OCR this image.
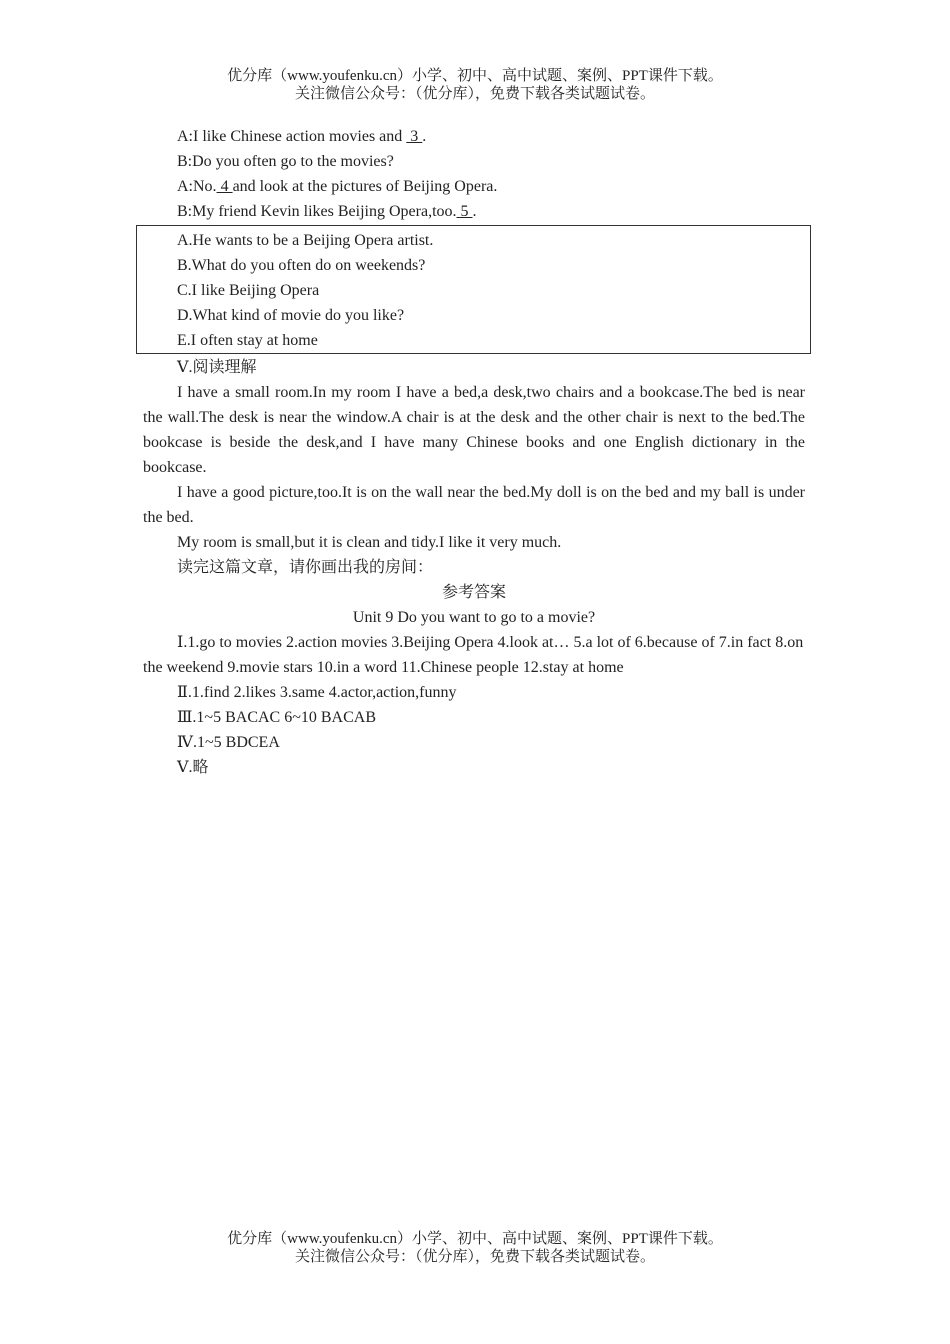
优分库（www.youfenku.cn）小学、初中、高中试题、案例、PPT课件下载。
关注微信公众号：（优分库），免费下载各类试题试卷。
A:I like Chinese action movies and  3 .
B:Do you often go to the movies?
A:No. 4 and look at the pictures of Beijing Opera.
B:My friend Kevin likes Beijing Opera,too. 5 .
A.He wants to be a Beijing Opera artist.
B.What do you often do on weekends?
C.I like Beijing Opera
D.What kind of movie do you like?
E.I often stay at home
Ⅴ.阅读理解
I have a small room.In my room I have a bed,a desk,two chairs and a bookcase.The bed is near the wall.The desk is near the window.A chair is at the desk and the other chair is next to the bed.The bookcase is beside the desk,and I have many Chinese books and one English dictionary in the bookcase.
I have a good picture,too.It is on the wall near the bed.My doll is on the bed and my ball is under the bed.
My room is small,but it is clean and tidy.I like it very much.
读完这篇文章，请你画出我的房间：
参考答案
Unit 9 Do you want to go to a movie?
Ⅰ.1.go to movies 2.action movies 3.Beijing Opera 4.look at… 5.a lot of 6.because of 7.in fact 8.on the weekend 9.movie stars 10.in a word 11.Chinese people 12.stay at home
Ⅱ.1.find 2.likes 3.same 4.actor,action,funny
Ⅲ.1~5 BACAC 6~10 BACAB
Ⅳ.1~5 BDCEA
Ⅴ.略
优分库（www.youfenku.cn）小学、初中、高中试题、案例、PPT课件下载。
关注微信公众号：（优分库），免费下载各类试题试卷。
